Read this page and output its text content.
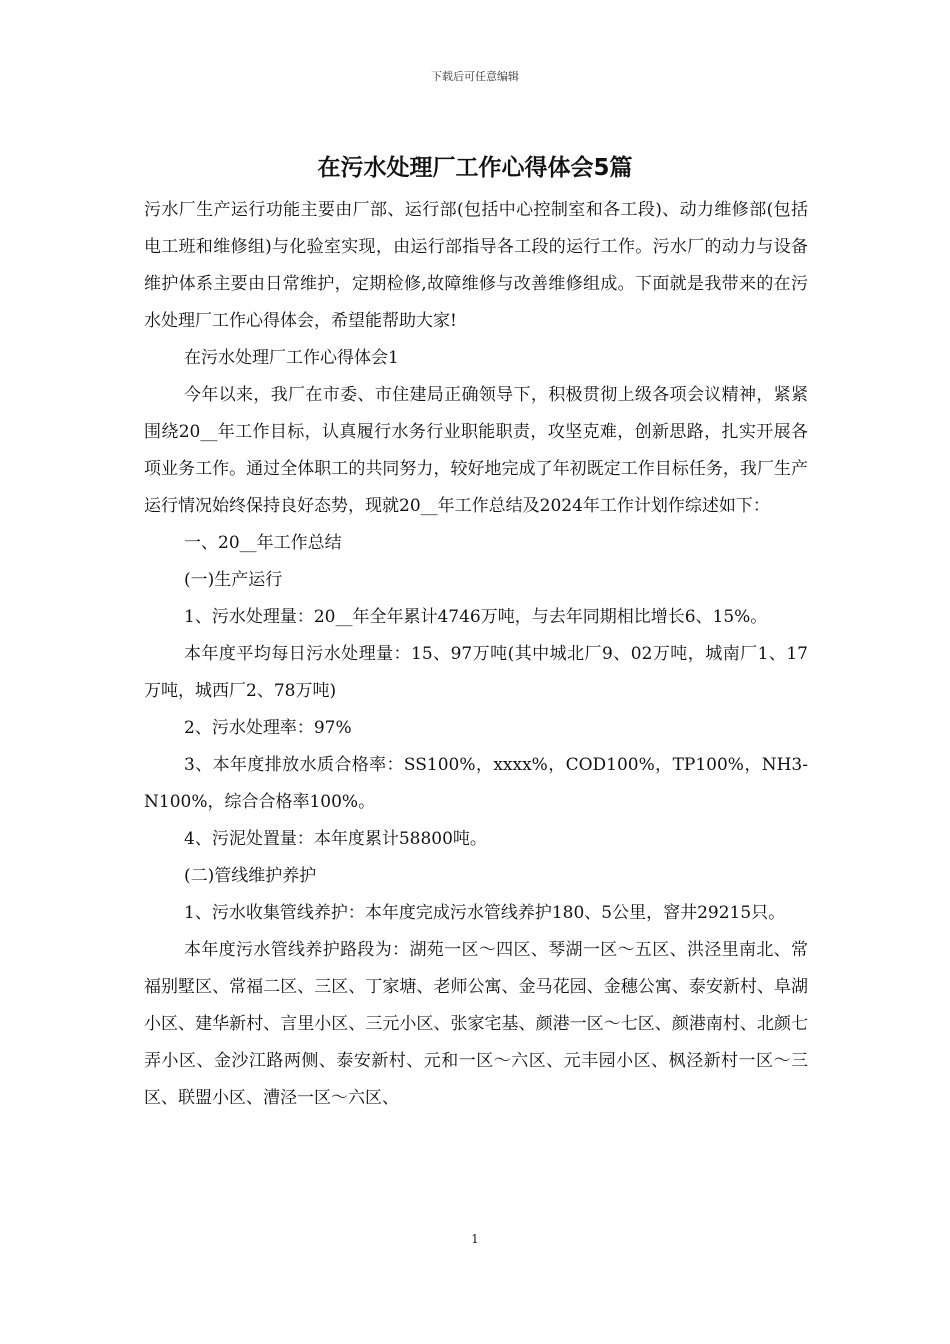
下载后可任意编辑
在污水处理厂工作心得体会5篇

污水厂生产运行功能主要由厂部、运行部(包括中心控制室和各工段)、动力维修部(包括电工班和维修组)与化验室实现，由运行部指导各工段的运行工作。污水厂的动力与设备维护体系主要由日常维护，定期检修,故障维修与改善维修组成。下面就是我带来的在污水处理厂工作心得体会，希望能帮助大家!

在污水处理厂工作心得体会1

今年以来，我厂在市委、市住建局正确领导下，积极贯彻上级各项会议精神，紧紧围绕20__年工作目标，认真履行水务行业职能职责，攻坚克难，创新思路，扎实开展各项业务工作。通过全体职工的共同努力，较好地完成了年初既定工作目标任务，我厂生产运行情况始终保持良好态势，现就20__年工作总结及2024年工作计划作综述如下：

一、20__年工作总结

(一)生产运行

1、污水处理量：20__年全年累计4746万吨，与去年同期相比增长6、15%。

本年度平均每日污水处理量：15、97万吨(其中城北厂9、02万吨，城南厂1、17万吨，城西厂2、78万吨)

2、污水处理率：97%

3、本年度排放水质合格率：SS100%，xxxx%，COD100%，TP100%，NH3-N100%，综合合格率100%。

4、污泥处置量：本年度累计58800吨。

(二)管线维护养护

1、污水收集管线养护：本年度完成污水管线养护180、5公里，窨井29215只。

本年度污水管线养护路段为：湖苑一区～四区、琴湖一区～五区、洪泾里南北、常福别墅区、常福二区、三区、丁家塘、老师公寓、金马花园、金穗公寓、泰安新村、阜湖小区、建华新村、言里小区、三元小区、张家宅基、颜港一区～七区、颜港南村、北颜七弄小区、金沙江路两侧、泰安新村、元和一区～六区、元丰园小区、枫泾新村一区～三区、联盟小区、漕泾一区～六区、

1
